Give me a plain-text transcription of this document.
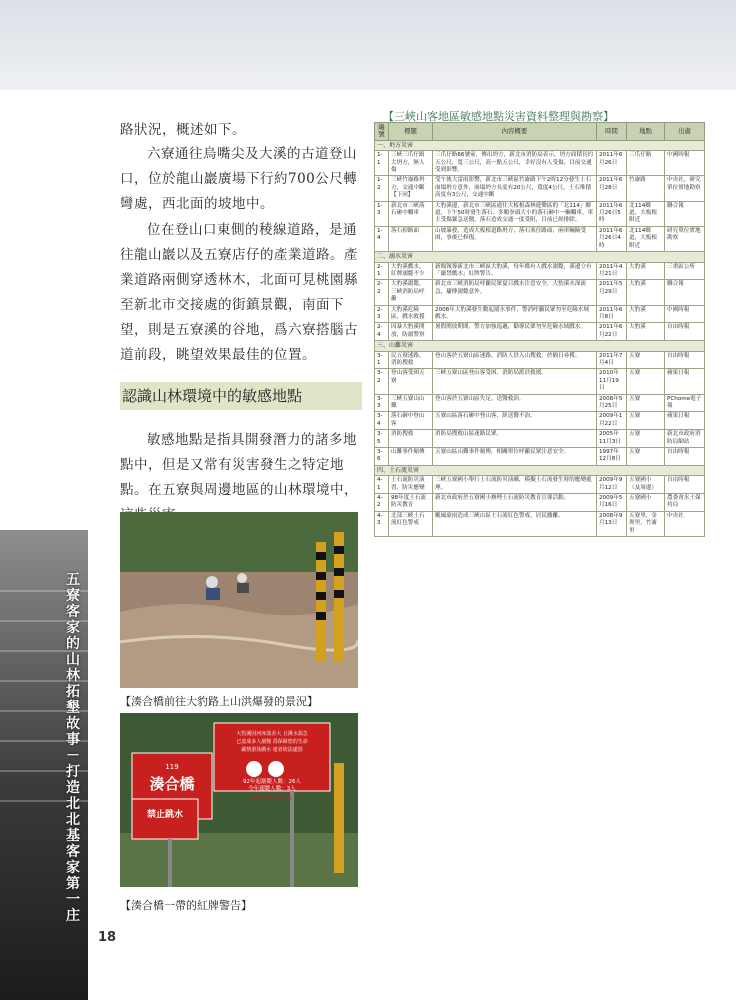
路狀況，概述如下。

六寮通往烏嘴尖及大溪的古道登山口，位於龍山巖廣場下行約700公尺轉彎處，西北面的坡地中。

位在登山口東側的稜線道路，是通往龍山巖以及五寮店仔的產業道路。產業道路兩側穿透林木，北面可見桃園縣至新北市交接處的街鎮景觀，南面下望，則是五寮溪的谷地，爲六寮搭腦古道前段，眺望效果最佳的位置。

認識山林環境中的敏感地點

敏感地點是指具開發潛力的諸多地點中，但是又常有災害發生之特定地點。在五寮與周邊地區的山林環境中，

【湊合橋前往大豹路上山洪爆發的景況】
湊合橋
119
禁止跳水
大豹溪因河床落差大 且溪水湍急
已造成多人溺斃 爲保障您的生命
嚴禁游泳戲水 違者依法處罰
92年起溺斃人數：26人
今年溺斃人數：3人
新北市政府警察局
【湊合橋一帶的紅牌警告】
五寮客家的山林拓墾故事－打造北北基客家第一庄
18
【三峽山客地區敏感地點災害資料整理與勘察】
編號	標題	內容概要	時間	地點	出處
一、坍方災害					
1-1	三峽三爪仔路大坍方，無人傷	三爪仔路66號前，傳出坍方，新北市消防局表示，坍方面積長約五公尺，寬三公尺，高一點五公尺，幸好沒有人受傷，目前交通受到影響。	2011年6月26日	三爪仔路	中國時報
1-2	三峽竹崙路坍方，交通中斷【下同】	受午後大雷雨影響，新北市三峽區竹崙路下午2時12分發生土石崩塌坍方意外，崩塌坍方長度有20公尺，寬度4公尺，土石堆積高度有3公尺，交通中斷	2011年6月28日	竹崙路	中央社，研究單位實地勘察
1-3	新北市三峽落石砸中轎車	大豹溪邊，新北市三峽區通往大板根森林遊樂區的「北114」鄉道，下午50時發生落石，多顆拳頭大小的落石砸中一輛轎車，車主受傷緊急送醫，落石造成交通一度受阻，目前已經排除。	2011年6月26日5時	北114鄉道，大板根附近	聯合報
1-4	落石掉路面	山坡暴發，造成大板根道路坍方、落石塞住路面，兩車輛險受困，事後已修復。	2011年6月26日4時	北114鄉道，大板根附近	研究單位實地勘察
二、溺水災害					
2-1	大豹溪戲水，紅牌溺斃不少	新聞報導新北市三峽區大豹溪，每年都有人戲水溺斃，溪邊立有「嚴禁戲水」紅牌警告。	2011年4月21日	大豹溪	三重區公所
2-2	大豹溪溺斃，三峽消防局呼籲	新北市三峽消防局呼籲民眾夏日戲水注意安全，大豹溪水深流急，屢傳溺斃意外。	2011年5月29日	大豹溪	聯合報
2-3	大豹溪危險區，戲水救援	2008年大豹溪發生數起溺水事件，警消呼籲民眾勿至危險水域戲水。	2011年6月8日	大豹溪	中國時報
2-4	因暴大豹溪開放，防溺警察	暑假開放期間，警方加強巡邏，勸導民眾勿至危險水域戲水。	2011年6月22日	大豹溪	自由時報
三、山難災害					
3-1	民五寮迷路，消防搜救	登山客於五寮山區迷路，消防人員入山搜救，於隔日尋獲。	2011年7月4日	五寮	自由時報
3-2	登山客受困五寮	三峽五寮山區登山客受困，消防局派員救援。	2010年11月19日	五寮	蘋果日報
3-3	三峽五寮山山難	登山客於五寮山區失足，送醫救治。	2008年5月25日	五寮	PChome電子報
3-4	落石砸中登山客	五寮山區落石砸中登山客，經送醫不治。	2009年1月22日	五寮	蘋果日報
3-5	消防搜救	消防局搜救山區迷路民眾。	2005年11月3日	五寮	新北市政府消防局網站
3-6	山難事件頻傳	五寮山區山難事件頻傳，相關單位呼籲民眾注意安全。	1997年12月8日	五寮	自由時報
四、土石流災害					
4-1	土石流防災演習，防災應變	三峽五寮國小舉行土石流防災演練，模擬土石流發生時的應變處理。	2009年9月12日	五寮國小（及周邊）	自由時報
4-2	98年度土石流防災教育	新北市政府於五寮國小辦理土石流防災教育宣導活動。	2009年5月16日	五寮國小	農委會水土保持局
4-3	北部三峽土石流紅色警戒	颱風豪雨造成三峽山區土石流紅色警戒，居民撤離。	2008年9月13日	五寮里，金圳里，竹崙里	中央社
